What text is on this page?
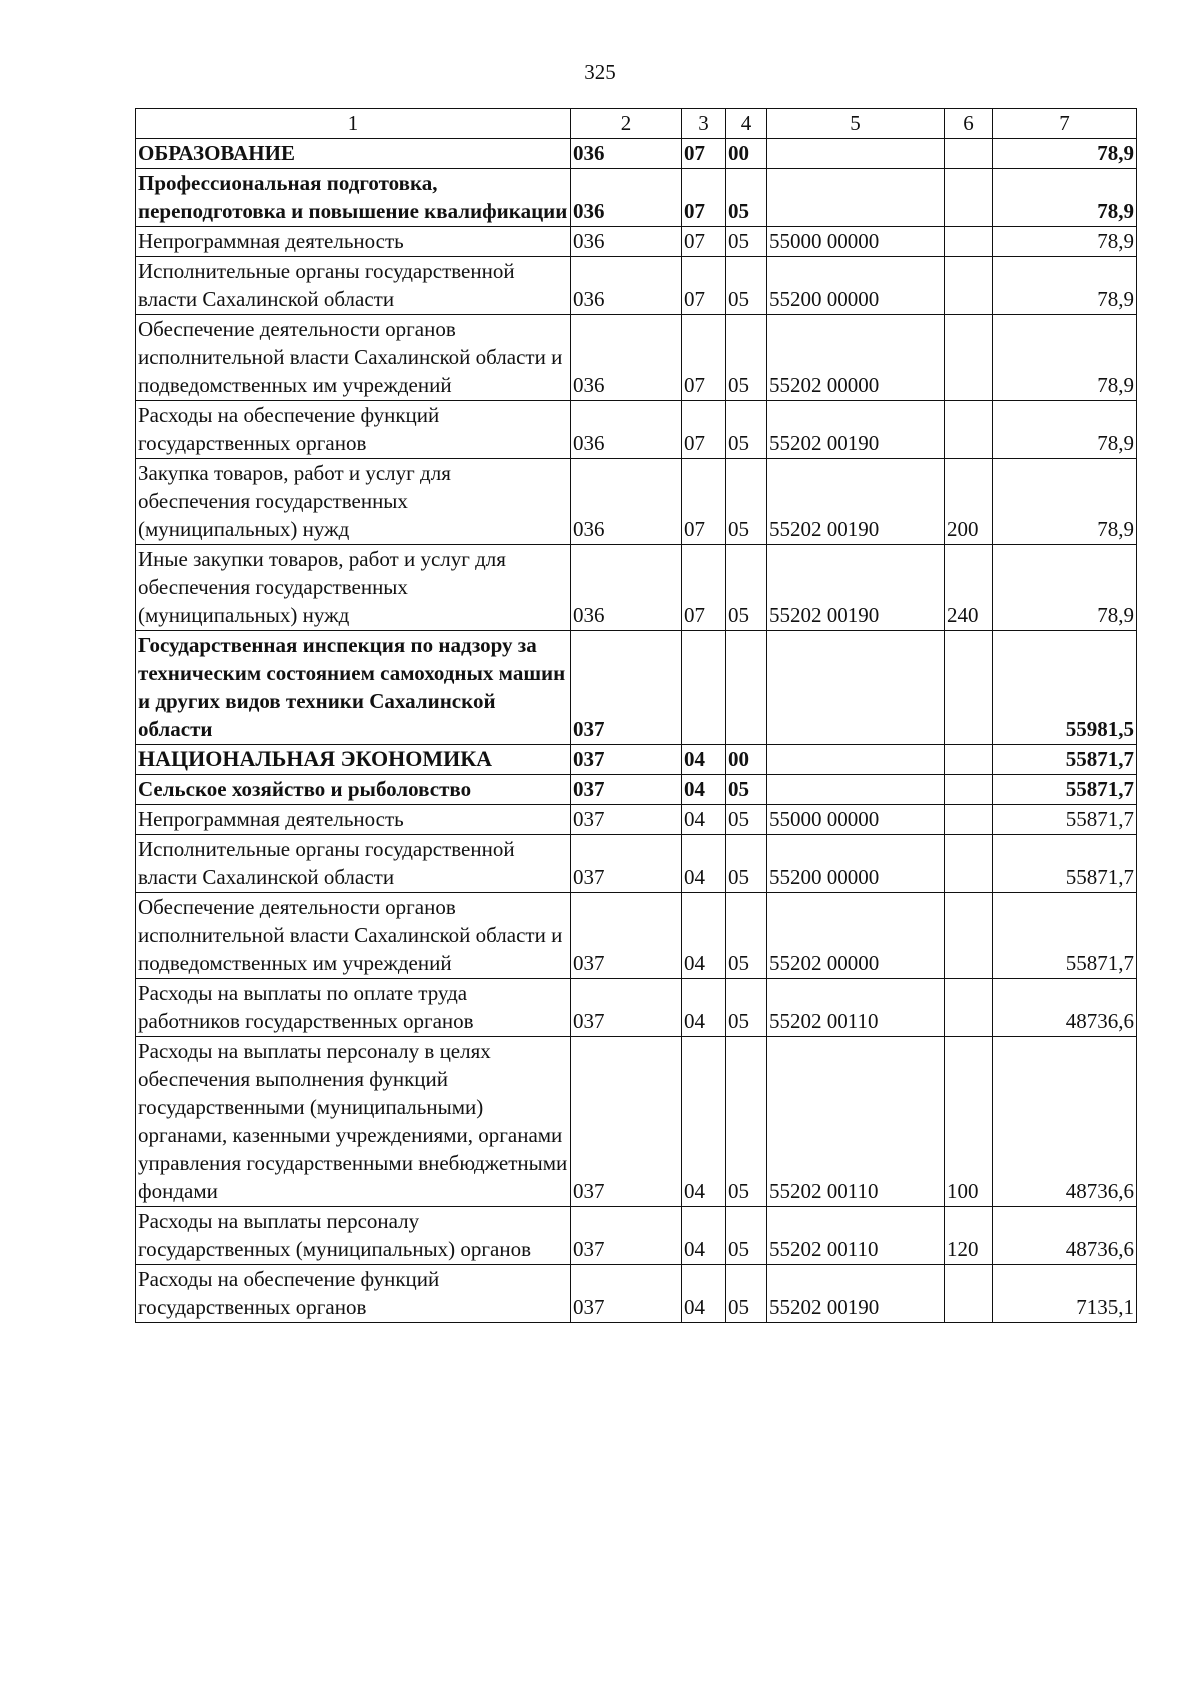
325
1	2	3	4	5	6	7
ОБРАЗОВАНИЕ	036	07	00			78,9
Профессиональная подготовка, переподготовка и повышение квалификации	036	07	05			78,9
Непрограммная деятельность	036	07	05	55000 00000		78,9
Исполнительные органы государственной власти Сахалинской области	036	07	05	55200 00000		78,9
Обеспечение деятельности органов исполнительной власти Сахалинской области и подведомственных им учреждений	036	07	05	55202 00000		78,9
Расходы на обеспечение функций государственных органов	036	07	05	55202 00190		78,9
Закупка товаров, работ и услуг для обеспечения государственных (муниципальных) нужд	036	07	05	55202 00190	200	78,9
Иные закупки товаров, работ и услуг для обеспечения государственных (муниципальных) нужд	036	07	05	55202 00190	240	78,9
Государственная инспекция по надзору за техническим состоянием самоходных машин и других видов техники Сахалинской области	037					55981,5
НАЦИОНАЛЬНАЯ ЭКОНОМИКА	037	04	00			55871,7
Сельское хозяйство и рыболовство	037	04	05			55871,7
Непрограммная деятельность	037	04	05	55000 00000		55871,7
Исполнительные органы государственной власти Сахалинской области	037	04	05	55200 00000		55871,7
Обеспечение деятельности органов исполнительной власти Сахалинской области и подведомственных им учреждений	037	04	05	55202 00000		55871,7
Расходы на выплаты по оплате труда работников государственных органов	037	04	05	55202 00110		48736,6
Расходы на выплаты персоналу в целях обеспечения выполнения функций государственными (муниципальными) органами, казенными учреждениями, органами управления государственными внебюджетными фондами	037	04	05	55202 00110	100	48736,6
Расходы на выплаты персоналу государственных (муниципальных) органов	037	04	05	55202 00110	120	48736,6
Расходы на обеспечение функций государственных органов	037	04	05	55202 00190		7135,1
